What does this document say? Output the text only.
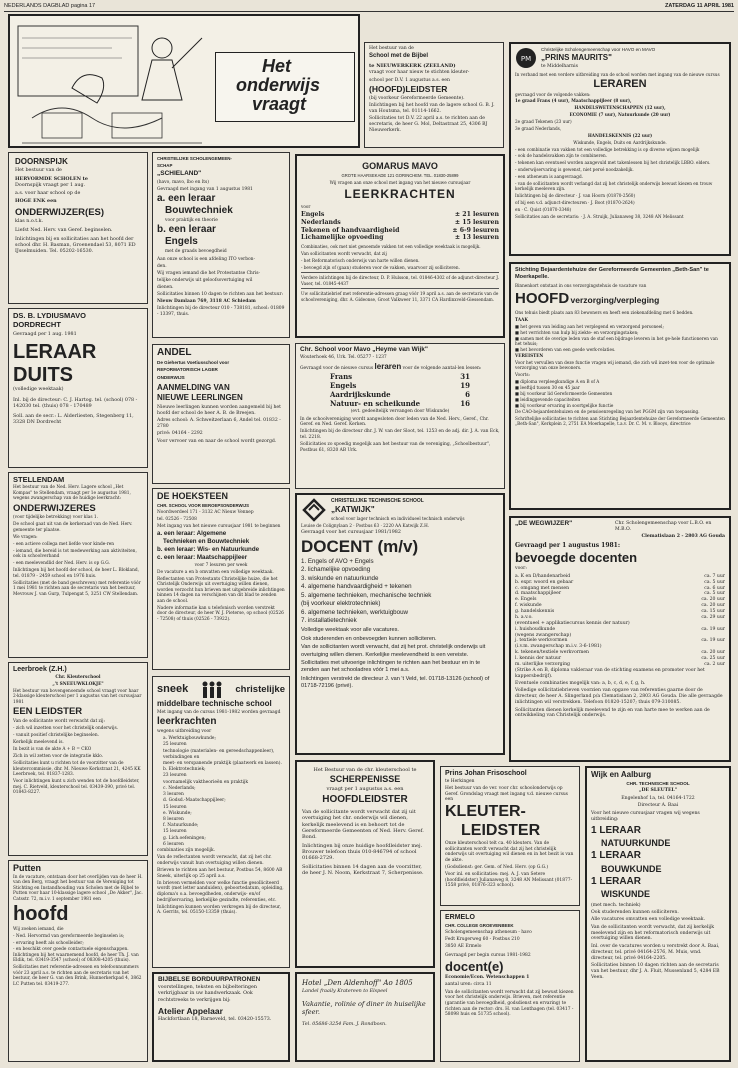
NEDERLANDS DAGBLAD pagina 17	ZATERDAG 11 APRIL 1981
Het
onderwijs
vraagt

Het bestuur van de

School met de Bijbel

te NIEUWERKERK (ZEELAND)

vraagt voor haar nieuw te stichten kleuter-

school per D.V. 1 augustus a.s. een

(HOOFD)LEIDSTER

(bij voorkeur Gereformeerde Gemeente).

Inlichtingen bij het hoofd van de lagere school G. B. J. van Houtsma, tel. 01114-1662.

Sollicitaties tot D.V. 22 april a.s. te richten aan de secretaris, de heer G. Mol, Deltastraat 25, 4306 BJ Nieuwerkerk.

PM

Christelijke Scholengemeenschap voor HAVO en MAVO

„PRINS MAURITS"

te Middelharnis

In verband met een verdere uitbreiding van de school worden met ingang van de nieuwe cursus

LERAREN

gevraagd voor de volgende vakken:

1e graad Frans (4 uur), Maatschappijleer (8 uur),

HANDELSWETENSCHAPPEN (12 uur),

ECONOMIE (7 uur), Natuurkunde (20 uur)

2e graad Tekenen (23 uur)

3e graad Nederlands,

HANDELSKENNIS (22 uur)

Wiskunde, Engels, Duits en Aardrijkskunde.

- een combinatie van vakken tot een volledige betrekking is op diverse wijzen mogelijk

- ook de handelsvakken zijn te combineren.

- tekenen kan eventueel worden aangevuld met takenlessen bij het christelijk LBBO. elders.

- onderwijservaring is gewenst, niet persé noodzakelijk.

- een atheneum is aangevraagd.

- van de sollicitanten wordt verlangd dat zij het christelijk onderwijs bewust kiezen en trouw kerkelijk meeleven zijn.

Inlichtingen bij de directeur · J. van Hoorn (01870-2560)

of bij een v.d. adjunct-directeuren · J. Boot (01870-2624)

en · C. Quist (01870-3348)

Sollicitaties aan de secretaris: · J. A. Struijk, Julianaweg 38, 3248 AN Melissant

DOORNSPIJK

Het bestuur van de

HERVORMDE SCHOLEN te

Doornspijk vraagt per 1 aug.

a.s. voor haar school op de

HOGE ENK een

ONDERWIJZER(ES)

klas n.o.t.k.

Liefst Ned. Herv. van Geref. beginselen.

Inlichtingen bij en sollicitaties aan het hoofd der school dhr. H. Basman, Groenendael 53, 8071 ED IJsselmuiden. Tel. 05202-16530.

CHRISTELIJKE SCHOLENGEMEEN-

SCHAP

„SCHIELAND"

(havo, mavo, lbo en lts)

Gevraagd met ingang van 1 augustus 1981

a. een leraar

Bouwtechniek

voor praktijk en theorie

b. een leraar

Engels

met de graads bevoegdheid

Aan onze school is een afdeling ITO verbon-

den.

Wij vragen iemand die het Protestantse Chris-

telijke onderwijs uit geloofsovertuiging wil

dienen.

Sollicitaties binnen 10 dagen te richten aan het bestuur:

Nieuw Damlaan 769, 3118 AC Schiedam

Inlichtingen bij de directeur 010 - 738181, school: 01809 - 13397, thuis.

GOMARUS MAVO

GROTE HAARSEKADE 121 GORINCHEM. TEL. 01830-25899

Wij vragen aan onze school met ingang van het nieuwe cursusjaar

LEERKRACHTEN

voor

Engels	± 21 lesuren
Nederlands	± 15 lesuren
Tekenen of handvaardigheid	± 6-9 lesuren
Lichamelijke opvoeding	± 13 lesuren

Combinaties, ook met niet genoemde vakken tot een volledige weektaak is mogelijk.

Van sollicitanten wordt verwacht, dat zij

- het Reformatorisch onderwijs van harte willen dienen.

- bevoegd zijn of (gaan) studeren voor de vakken, waarvoor zij solliciteren.

Verdere inlichtingen bij de directeur, D. P. Hulsson, tel. 01846-4302 of de adjunct-directeur J. Vaser, tel. 01845-4437

Uw sollicitatiebrief met referentie-adressen graag vóór 19 april a.s. aan de secretaris van de schoolvereniging, dhr. A. Gideonse, Groot Valkweer 11, 3371 CA Hardinxveld-Giessendam.

DS. B. LYDIUSMAVO

DORDRECHT

Gevraagd per 1 aug. 1981

LERAAR

DUITS

(volledige weektaak)

Inl. bij de directeur: C. J. Hartog. tel. (school) 078 - 142030 tel. (thuis) 078 - 170489

Soll. aan de secr.: L. Alderliesten, Stegenberg 11, 3328 DN Dordrecht

ANDEL

De Giehertus Voetiusschool voor

REFORMATORISCH LAGER

ONDERWIJS

AANMELDING VAN

NIEUWE LEERLINGEN

Nieuwe leerlingen kunnen worden aangemeld bij het hoofd der school de heer A. B. de Breejen.

Adres school: A. Schweitzerlaan 6, Andel tel. 01832 - 2780

privé: 04164 - 2292

Voor vervoer van en naar de school wordt gezorgd.

Chr. School voor Mavo „Heyme van Wijk"

Wouterhoek 46, Urk. Tel. 05277 - 1237

Gevraagd voor de nieuwe cursus leraren voor de volgende aantal-len lessen:

Frans	31
Engels	19
Aardrijkskunde	6
Natuur- en scheikunde	16

(evt. gedeeltelijk vervangen door Wiskunde)

In de schoolvereniging wordt aangesloten door leden van de Ned. Herv., Geref., Chr. Geref. en Ned. Geref. Kerken.

Inlichtingen bij de directeur dhr. J. W. van der Sloot, tel. 1253 en de adj. dir. J. A. van Eck, tel. 2218.

Sollicitaties zo spoedig mogelijk aan het bestuur van de vereniging, „Schoolbestuur", Postbus 61, 8320 AB Urk.

STELLENDAM

Het bestuur van de Ned. Herv. Lagere school „Het Kompas" te Stellendam, vraagt per 1e augustus 1981, wegens zwangerschap van de huidige leerkracht:

ONDERWIJZERES

(voor tijdelijke betrekking) voor klas 1.

De school gaat uit van de kerkeraad van de Ned. Herv. gemeente ter plaatse.

We vragen:

- een actieve collega met liefde voor kinde-ren

- iemand, die bereid is tot medewerking aan aktiviteiten, ook in schoolverband

- een meelevendlid der Ned. Herv. is op G.G.

Inlichtingen bij het hoofd der school, de heer L. Blokland, tel. 01879 - 2459 school en 1976 huis.

Sollicitaties (met de band geschreven) met referentie vóór 1 mei 1981 te richten aan de secretaris van het bestuur, Mevrouw J. van Gurp, Tulpengat 5, 3251 CW Stellendam.

DE HOEKSTEEN

CHR. SCHOOL VOOR BEROEPSONDERWIJS

Noordwerdeel 171 - 3132 AC Nieuw Vennep

tel. 02526 - 72508

Met ingang van het nieuwe cursusjaar 1981 te beginnen

a. een leraar: Algemene

Technieken en Bouwtechniek

b. een leraar: Wis- en Natuurkunde

c. een leraar: Maatschappijleer

voor 7 lesuren per week

De vacature a en b omvatten een volledige weektaak.

Reflectanten van Protestants Christelijke huize, die het Christelijk Onderwijs uit overtuiging willen dienen, worden verzocht hun brieven met uitgebreide inlichtingen binnen 14 dagen na verschijnen van dit blad te zenden aan de school.

Nadere informatie kan u telefonisch worden verstrekt door de directeur, de heer W. J. Pieterse, op school (02526 - 72508) of thuis (02526 - 73922).

CHRISTELIJKE TECHNISCHE SCHOOL

„KATWIJK"

school voor lager technisch en individueel technisch onderwijs

Louise de Colignylaan 2 · Postbus 63 · 2220 AA Katwijk Z.H.

Gevraagd voor het cursusjaar 1981/1982

DOCENT (m/v)

1. Engels of AVO + Engels
2. lichamelijke opvoeding
3. wiskunde en natuurkunde
4. algemene handvaardigheid + tekenen
5. algemene technieken, mechanische techniek
(bij voorkeur elektrotechniek)
6. algemene technieken, werktuigbouw
7. installatietechniek

Volledige weektaak voor alle vacatures.

Ook studerenden en onbevoegden kunnen solliciteren.

Van de sollicitanten wordt verwacht, dat zij het prot. christelijk onderwijs uit overtuiging willen dienen. Kerkelijke meelevendheid is een vereiste.

Sollicitaties met uitvoerige inlichtingen te richten aan het bestuur en in te zenden aan het schooladres vóór 1 mei a.s.

Inlichtingen verstrekt de directeur J. van 't Veld, tel. 01718-13126 (school) of 01718-72196 (privé).

Stichting Bejaardentehuize der Gereformeerde Gemeenten „Beth-San" te Moerkapelle.

Binnenkort ontstaat in ons verzorgingstehuis de vacature van

HOOFD verzorging/verpleging

Ons tehuis biedt plaats aan 83 bewoners en heeft een ziekenafdeling met 6 bedden.

TAAK

■ het geven van leiding aan het verplegend en verzorgend personeel;
■ het verrichten van hulp bij ziekte- en verzorgingstaken;
■ samen met de overige leden van de staf een bijdrage leveren in het ge-hele functioneren van het tehuis;
■ het bevorderen van een goede werk-relaties.

VEREISTEN

Voor het vervullen van deze functie vragen wij iemand, die zich wil inzet-ten voor de optimale verzorging van onze bewoners.

Voorts:

■ diploma verpleegkundige A en B of A
■ leeftijd tussen 30 en 45 jaar
■ bij voorkeur lid Gereformeerde Gemeenten
■ leidinggevende capaciteiten
■ bij voorkeur ervaring in soortgelijke functie

De CAO-bejaardentehuizen en de pensioenregeling van het PGGM zijn van toepassing.

Schriftelijke sollicitaties te richten aan Stichting Bejaardentehuize der Gereformeerde Gemeenten „Beth-San", Kerkplein 2, 2751 EA Moerkapelle, t.a.v. Dr. C. M. v. Blooys, directrice

„DE WEGWIJZER"	Chr. Scholengemeenschap voor L.B.O. en M.B.O.

Clematislaan 2 - 2803 AG Gouda

Gevraagd per 1 augustus 1981:

bevoegde docenten

voor:

a. K en D/handenarbeid	ca. 7 uur
b. expr. woord en gebaar	ca. 5 uur
c. omgang met mensen	ca. 6 uur
d. maatschappijleer	ca. 5 uur
e. Engels	ca. 20 uur
f. wiskunde	ca. 20 uur
g. handelskennis	ca. 15 uur
h. a.v.o.	ca. 29 uur
(eventueel + applikatiecursus kennis der natuur)
i. huishoudkunde	ca. 19 uur
(wegens zwangerschap)
j. textiele werkvormen	ca. 19 uur
(i.v.m. zwangerschap m.i.v. 3-6-1981)
k. tekenen/textiele werkvormen	ca. 20 uur
l. kennis der natuur	ca. 25 uur
m. uiterlijke verzorging	ca. 2 uur

(Strike A en B, diploma vakleraar van de stichting examens en promoter voor het kappersbedrijf).

Eventuele combinaties mogelijk van: a, b, c, d, e, f, g, h.

Volledige sollicitatiebrieven voorzien van opgave van referenties gaarne door de directeur, de heer A. Slingerland p/a Clematislaan 2, 2803 AG Gouda. Die alle gevraagde inlichtingen wil verstrekken. Telefoon 01820-15207; thuis 079-310085.

Sollicitanten dienen kerkelijk meelevend te zijn en van harte mee te werken aan de ontwikkeling van Christelijk onderwijs.

Leerbroek (Z.H.)

Chr. Kleuterschool

„'t SNEEUWKLOKJE"

Het bestuur van bovengenoemde school vraagt voor haar 2-klassige kleuterschool per 1 augustus van het cursusjaar 1981

EEN LEIDSTER

Van de sollicitante wordt verwacht dat zij:

- zich wil inzetten voor het christelijk onderwijs.

- vanuit positief christelijke beginselen.

Kerkelijk meelevend is.

In bezit is van de akte A + B = CKO

Zich in wil zetten voor de integratie kklo.

Sollicitaties kunt u richten tot de voorzitter van de kleutercommissie, dhr. M. Nieuwe Kerkstraat 21, 4245 KK Leerbroek, tel. 01837-1283.

Voor inlichtingen kunt u zich wenden tot de hoofdleidster, mej. C. Rietveld, kleuterschool tel. 03439-390, privé tel. 01843-8227.

sneek	christelijke

middelbare technische school

Met ingang van de cursus 1981-1982 worden gevraagd

leerkrachten

wegens uitbreiding voor

a. Werktuigbouwkunde;
25 lesuren
technologie (materialen- en gereedschappenleer),
verbindingen en
meet- en verspanende praktijk (plaatwerk en lassen).
b. Elektrotechniek;
23 lesuren
voornamelijk vaktheorieën en praktijk
c. Nederlands;
3 lesuren
d. Godsd.-Maatschappijleer;
15 lesuren
e. Wiskunde;
8 lesuren
f. Natuurkunde;
15 lesuren
g. Lich.oefeningen;
6 lesuren

combinaties zijn mogelijk.

Van de reflectanten wordt verwacht, dat zij het chr. onderwijs vanuit hun overtuiging willen dienen.

Brieven te richten aan het bestuur, Postbus 54, 8600 AB Sneek, uiterlijk op 25 april a.s.

In brieven vermelden voor welke functie gesolliciteerd wordt (met letter aanduiden), geboortedatum, opleiding, diploma's o.a. bevoegdheden, onderwijs- en/of bedrijfservaring, kerkelijke gezindte, referenties, etc.

Inlichtingen kunnen worden verkregen bij de directeur, A. Gerrits, tel. 05150-13359 (thuis).

Het Bestuur van de chr. kleuterschool te

SCHERPENISSE

vraagt per 1 augustus a.s. een

HOOFDLEIDSTER

Van de sollicitante wordt verwacht dat zij uit overtuiging het chr. onderwijs wil dienen, kerkelijk meelevend is en behoort tot de Gereformeerde Gemeenten of Ned. Herv. Geref. Bond.

Inlichtingen bij onze huidige hoofdleidster mej. Brouwer telefoon thuis 010-846794 of school 01668-2729.

Sollicitaties binnen 14 dagen aan de voorzitter, de heer J. N. Noom, Kerkstraat 7, Scherpenisse.

Prins Johan Frisoschool

te Herkingen

Het bestuur van de ver. voor chr. schoolonderwijs op Geref. Grondslag vraagt met ingang v.d. nieuwe cursus een

KLEUTER-

LEIDSTER

Onze kleuterschool telt ca. 40 kleuters. Van de sollicitanten wordt verwacht dat zij het christelijk onderwijs uit overtuiging wil dienen en in het bezit is van de akte.

(Godsdienst: ger. Gem. of Ned. Herv. (op G.G.)

Voor inl. en sollicitaties: mej. A. J. van Setere (hoofdleidster) Julianaweg 8, 3248 AN Melissant (01877-1558 privé, 01876-323 school).

ERMELO

CHR. COLLEGE GROEVENBEEK

Scholengemeenschap atheneum - havo

Fedt Krugerweg 60 - Postbus 210

3850 AE Ermelo

Gevraagd per begin cursus 1981-1982

docent(e)

Economie/Econ. Wetenschappen 1

aantal uren: circa 11

Van de sollicitanten wordt verwacht dat zij bewust kiezen voor het christelijk onderwijs. Brieven, met referentie (garantie van bevoegdheid, godsdienst en ervaring) te richten aan de rector: drs. H. van Lenthagen (tel. 03417 - 58098 huis en 51735 school).

Wijk en Aalburg

CHR. TECHNISCHE SCHOOL

„DE SLEUTEL"

Engelenhof 1a, tel. 04164-1722

Directeur A. Baai

Voor het nieuwe cursusjaar vragen wij wegens uitbreiding:

1 LERAAR
NATUURKUNDE
1 LERAAR
BOUWKUNDE
1 LERAAR
WISKUNDE

(met mech. techniek)

Ook studerenden kunnen solliciteren.

Alle vacatures omvatten een volledige weektaak.

Van de sollicitanten wordt verwacht, dat zij kerkelijk meelevend zijn en het reformatorisch onderwijs uit overtuiging willen dienen.

Inl. over de vacatures worden u verstrekt door A. Baai, directeur, tel. privé 04164-2576, M. Muis, wnd. directeur, tel. privé 04164-2205.

Sollicitaties binnen 10 dagen richten aan de secretaris van het bestuur, dhr J. A. Fluit, Mussenland 5, 4284 EB Veen.

Putten

In de vacature, ontstaan door het overlijden van de heer H. van den Berg, vraagt het bestuur van de Vereniging tot Stichting en Instandhouding van Scholen met de Bijbel te Putten voor haar 10-klassige lagere school „De Akker", Jac. Catsstr. 72, m.i.v. 1 september 1981 een

hoofd

Wij zoeken iemand, die

- Ned. Hervormd van gereformeerde beginselen is;
- ervaring heeft als schoolleider;
- en beschikt over goede contactuele eigenschappen.

Inlichtingen bij het waarnemend hoofd, de heer Th. J. van Eldik, tel. 03419-3547 (school) of 08308-4205 (thuis).

Sollicitaties met referentie-adressen en telefoonnummers vóór 23 april a.s. te richten aan de secretaris van het bestuur, de heer G. van den Brink, Hunnerkerkpad 4, 3862 LC Putten tel. 03419-277.

BIJBELSE BORDUURPATRONEN

voorstellingen, teksten en bijbelteringen verkrijgbaar in uw handwerkzaak. Ook rechtstreeks te verkrijgen bij:

Atelier Appelaar

Hackfortlaan 18, Barneveld, tel. 03420-15573.

Hotel „Den Aldenhoff" Ao 1805

Landel fraaily Kratereen to Elspeel

Vakantie, rolinie of diner in huiselijke sfeer.

Tel. 05686-3254 Fam. J. Rondbosn.
